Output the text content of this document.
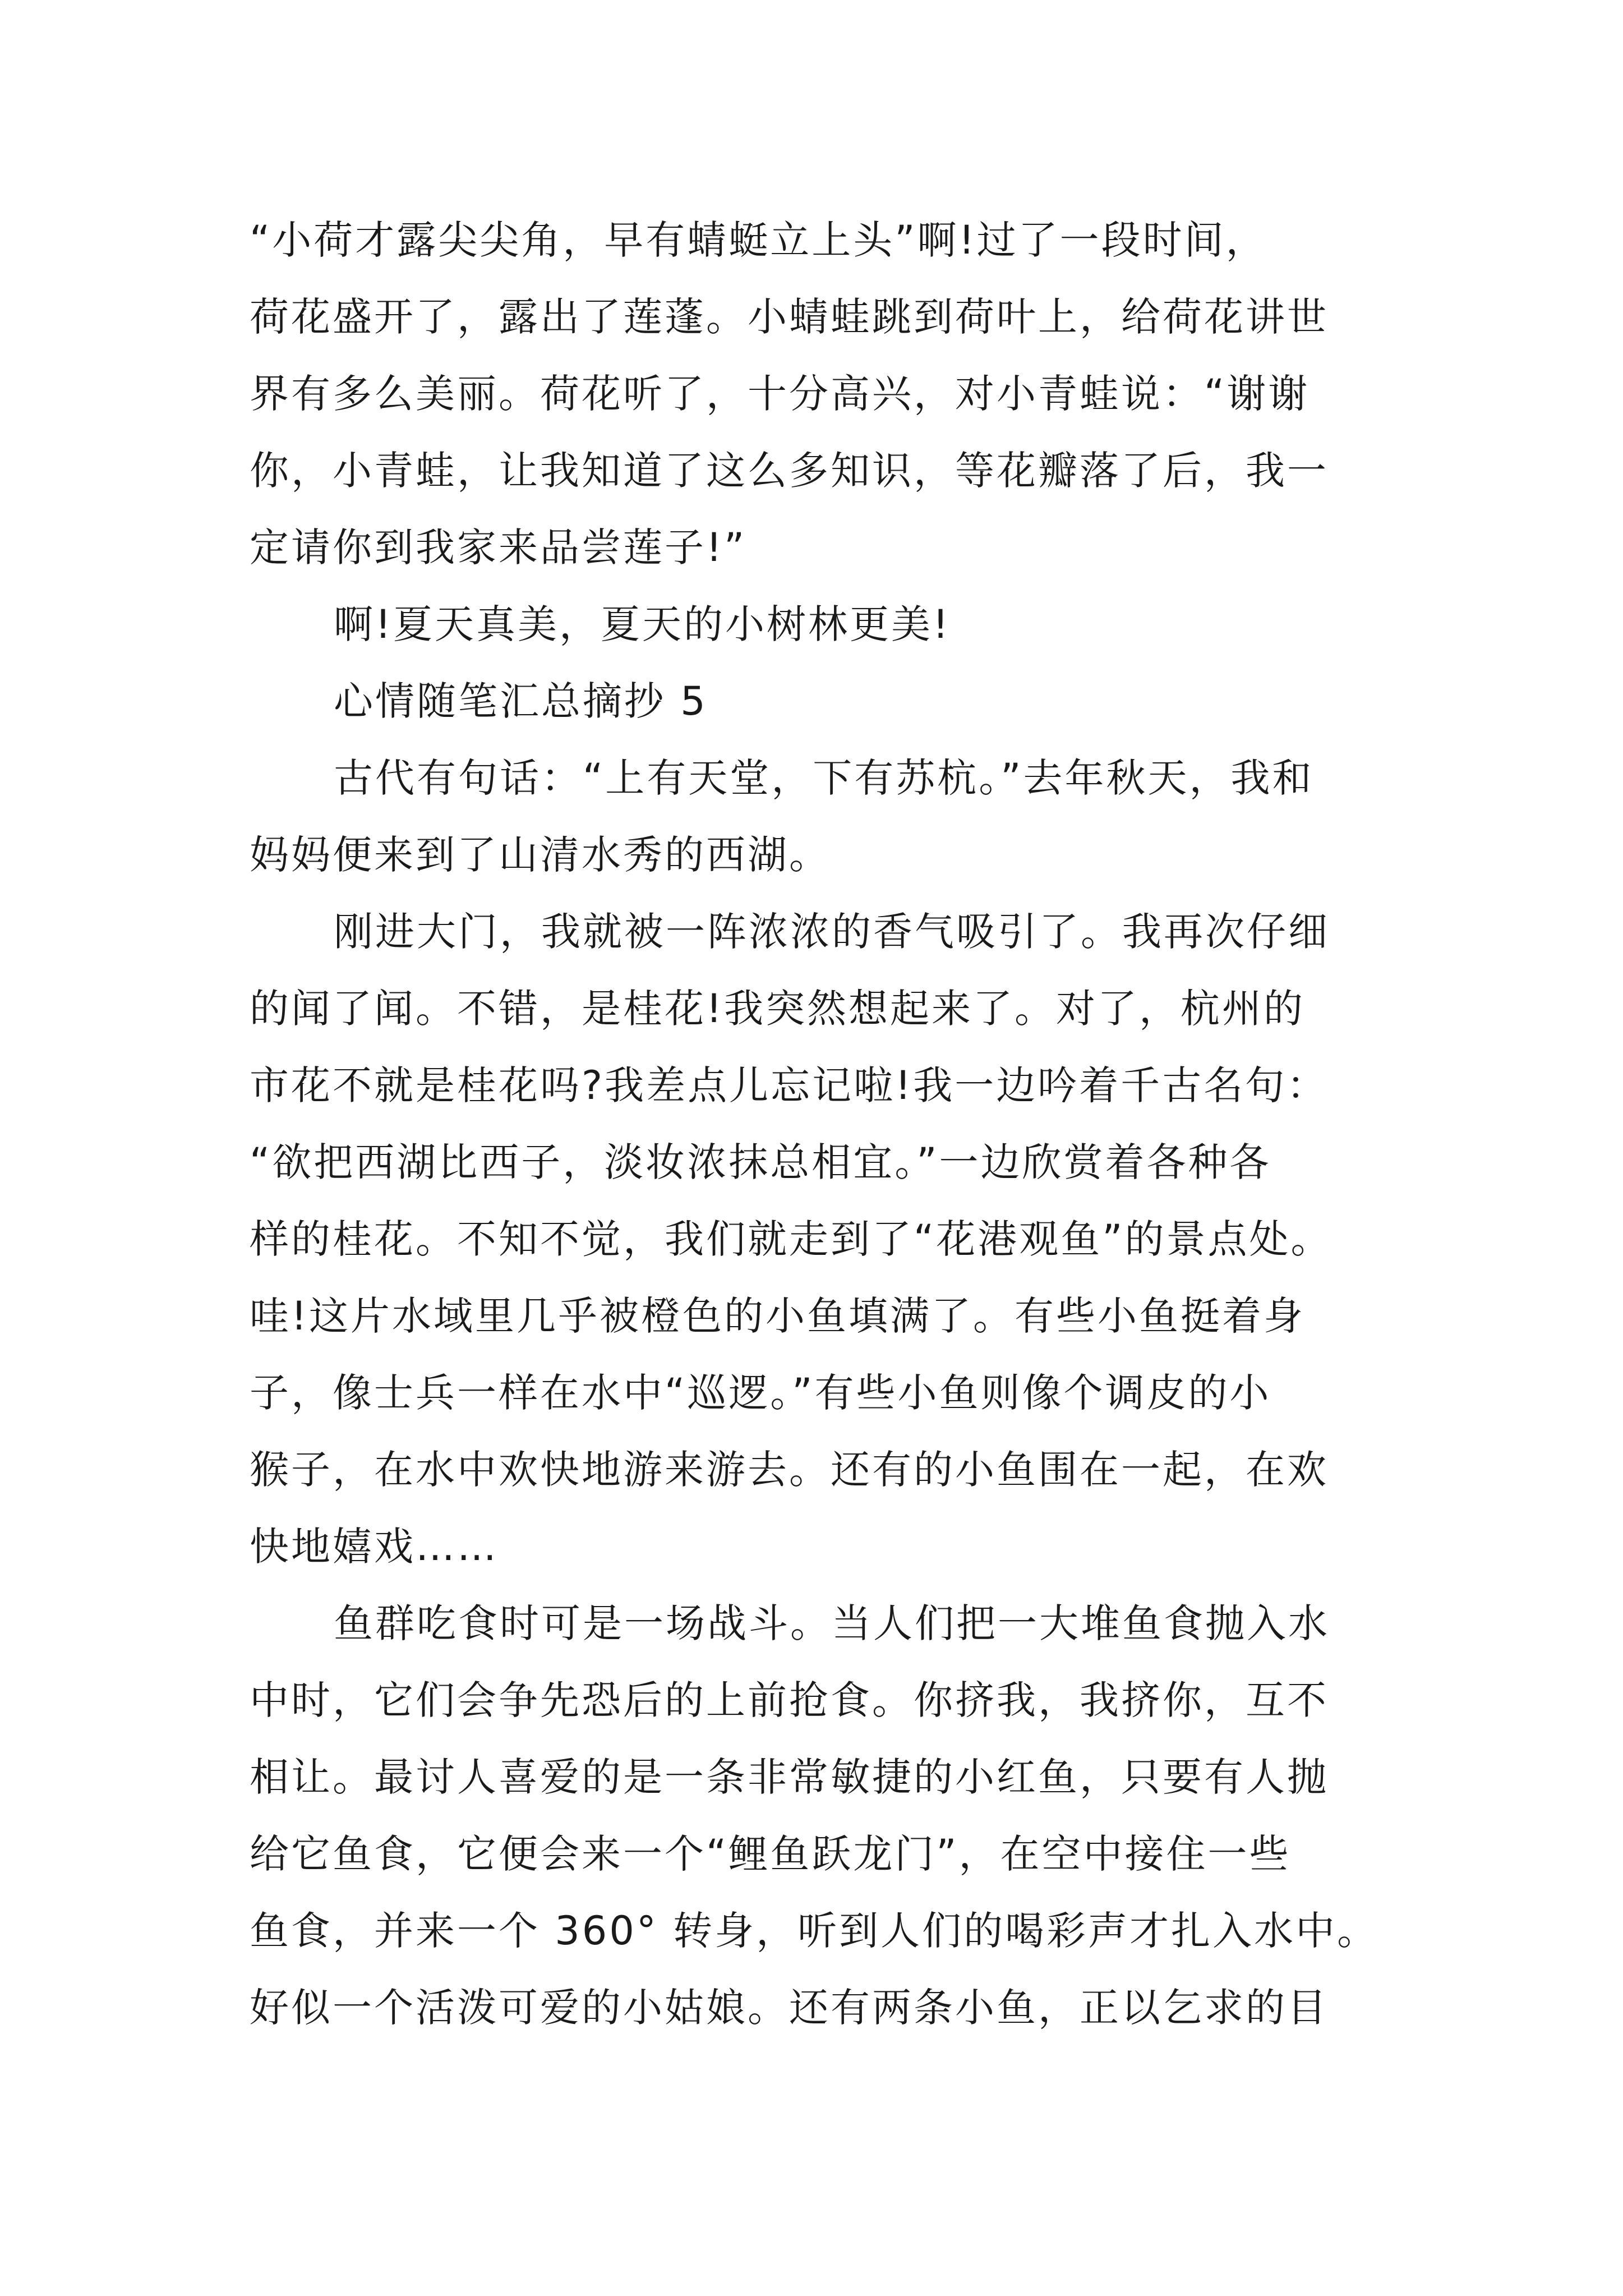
“小荷才露尖尖角，早有蜻蜓立上头”啊!过了一段时间，
荷花盛开了，露出了莲蓬。小蜻蛙跳到荷叶上，给荷花讲世
界有多么美丽。荷花听了，十分高兴，对小青蛙说：“谢谢
你，小青蛙，让我知道了这么多知识，等花瓣落了后，我一
定请你到我家来品尝莲子!”
啊!夏天真美，夏天的小树林更美!
心情随笔汇总摘抄 5
古代有句话：“上有天堂，下有苏杭。”去年秋天，我和
妈妈便来到了山清水秀的西湖。
刚进大门，我就被一阵浓浓的香气吸引了。我再次仔细
的闻了闻。不错，是桂花!我突然想起来了。对了，杭州的
市花不就是桂花吗?我差点儿忘记啦!我一边吟着千古名句：
“欲把西湖比西子，淡妆浓抹总相宜。”一边欣赏着各种各
样的桂花。不知不觉，我们就走到了“花港观鱼”的景点处。
哇!这片水域里几乎被橙色的小鱼填满了。有些小鱼挺着身
子，像士兵一样在水中“巡逻。”有些小鱼则像个调皮的小
猴子，在水中欢快地游来游去。还有的小鱼围在一起，在欢
快地嬉戏……
鱼群吃食时可是一场战斗。当人们把一大堆鱼食抛入水
中时，它们会争先恐后的上前抢食。你挤我，我挤你，互不
相让。最讨人喜爱的是一条非常敏捷的小红鱼，只要有人抛
给它鱼食，它便会来一个“鲤鱼跃龙门”，在空中接住一些
鱼食，并来一个 360° 转身，听到人们的喝彩声才扎入水中。
好似一个活泼可爱的小姑娘。还有两条小鱼，正以乞求的目
